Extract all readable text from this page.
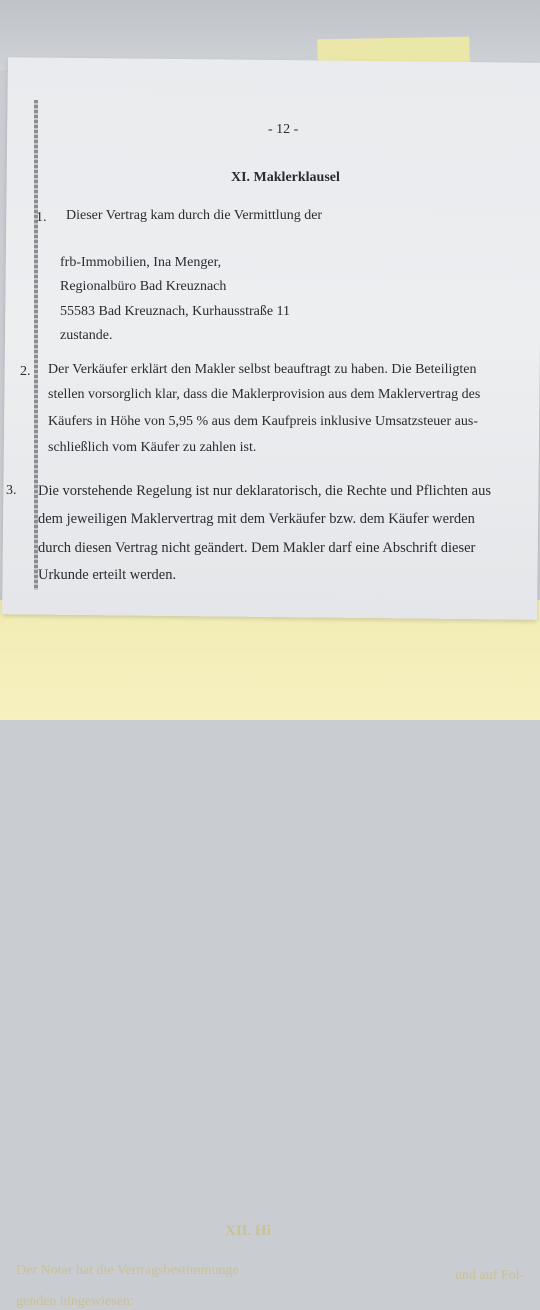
XII. Hi
Der Notar hat die Vertragsbestimmunge	und auf Fol-
genden hingewiesen:
- 12 -
XI. Maklerklausel
1. Dieser Vertrag kam durch die Vermittlung der
frb-Immobilien, Ina Menger,
Regionalbüro Bad Kreuznach
55583 Bad Kreuznach, Kurhausstraße 11
zustande.
2. Der Verkäufer erklärt den Makler selbst beauftragt zu haben. Die Beteiligten
stellen vorsorglich klar, dass die Maklerprovision aus dem Maklervertrag des
Käufers in Höhe von 5,95 % aus dem Kaufpreis inklusive Umsatzsteuer aus-
schließlich vom Käufer zu zahlen ist.
3. Die vorstehende Regelung ist nur deklaratorisch, die Rechte und Pflichten aus
dem jeweiligen Maklervertrag mit dem Verkäufer bzw. dem Käufer werden
durch diesen Vertrag nicht geändert. Dem Makler darf eine Abschrift dieser
Urkunde erteilt werden.
